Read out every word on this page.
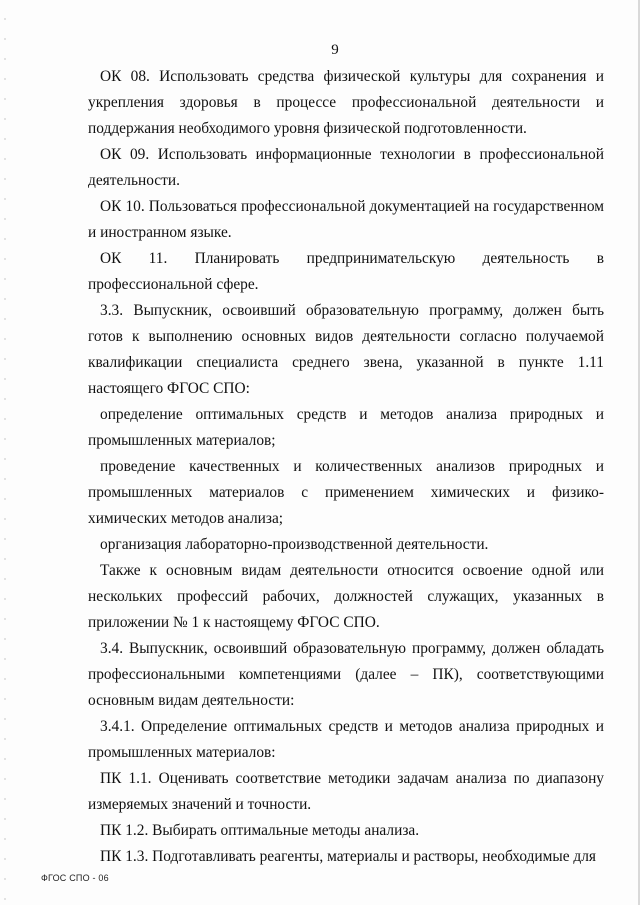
9

ОК 08. Использовать средства физической культуры для сохранения и укрепления здоровья в процессе профессиональной деятельности и поддержания необходимого уровня физической подготовленности.

ОК 09. Использовать информационные технологии в профессиональной деятельности.

ОК 10. Пользоваться профессиональной документацией на государственном и иностранном языке.

ОК 11. Планировать предпринимательскую деятельность в профессиональной сфере.

3.3. Выпускник, освоивший образовательную программу, должен быть готов к выполнению основных видов деятельности согласно получаемой квалификации специалиста среднего звена, указанной в пункте 1.11 настоящего ФГОС СПО:

определение оптимальных средств и методов анализа природных и промышленных материалов;

проведение качественных и количественных анализов природных и промышленных материалов с применением химических и физико-химических методов анализа;

организация лабораторно-производственной деятельности.

Также к основным видам деятельности относится освоение одной или нескольких профессий рабочих, должностей служащих, указанных в приложении № 1 к настоящему ФГОС СПО.

3.4. Выпускник, освоивший образовательную программу, должен обладать профессиональными компетенциями (далее – ПК), соответствующими основным видам деятельности:

3.4.1. Определение оптимальных средств и методов анализа природных и промышленных материалов:

ПК 1.1. Оценивать соответствие методики задачам анализа по диапазону измеряемых значений и точности.

ПК 1.2. Выбирать оптимальные методы анализа.

ПК 1.3. Подготавливать реагенты, материалы и растворы, необходимые для

ФГОС СПО - 06
